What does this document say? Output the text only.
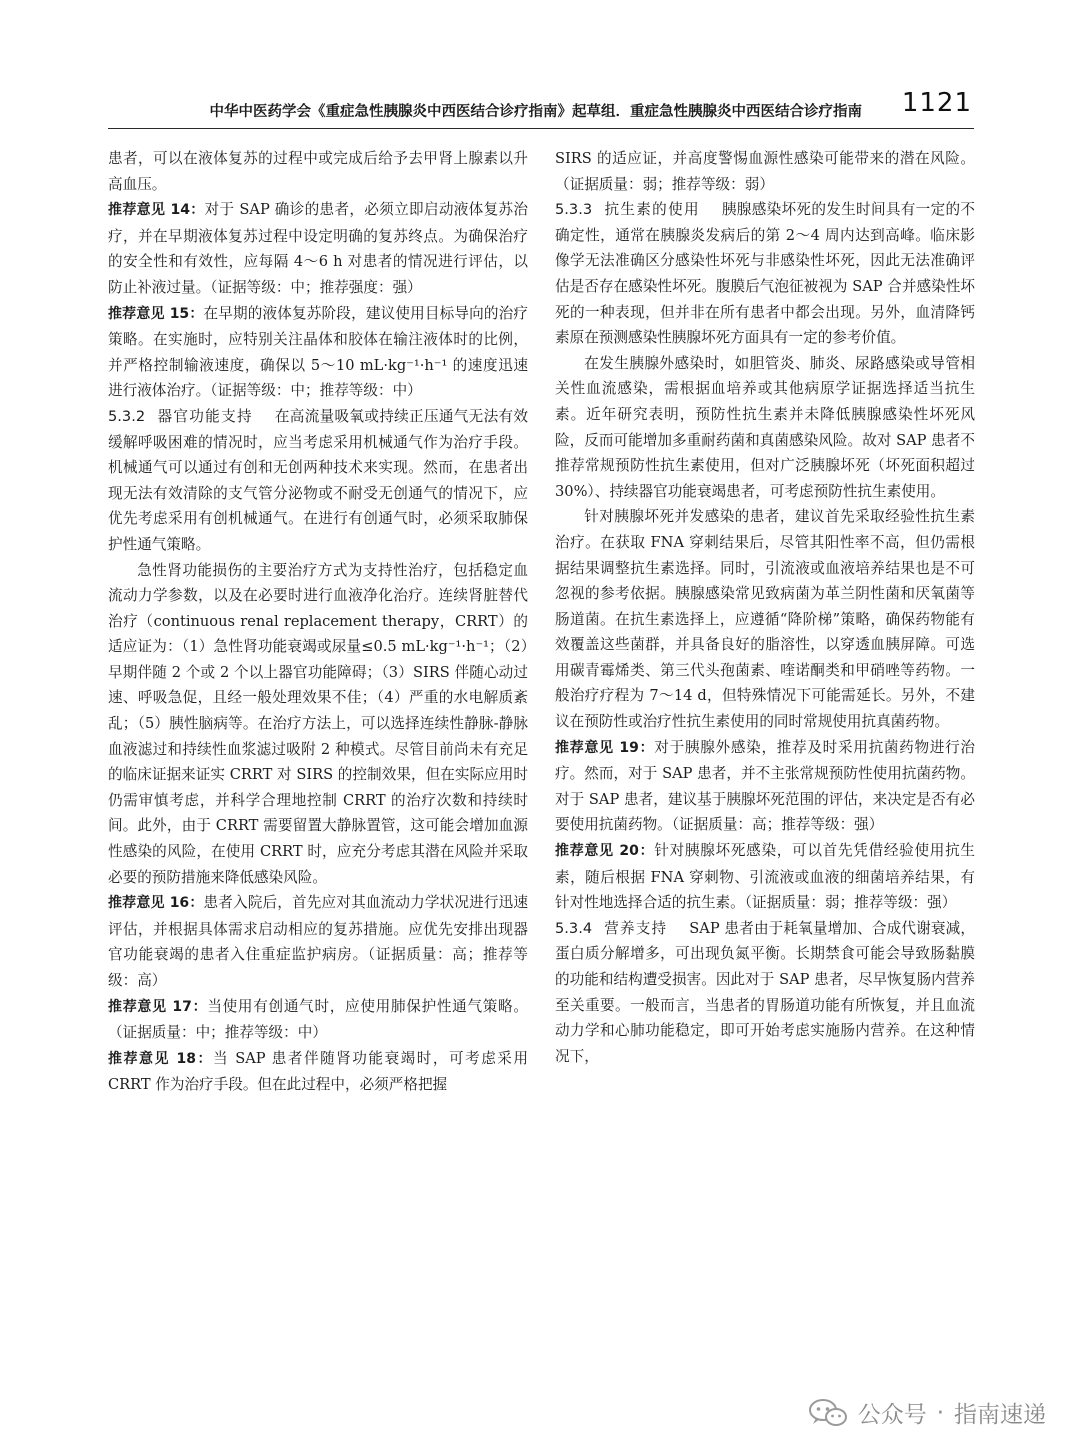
中华中医药学会《重症急性胰腺炎中西医结合诊疗指南》起草组．重症急性胰腺炎中西医结合诊疗指南 1121

患者，可以在液体复苏的过程中或完成后给予去甲肾上腺素以升高血压。

推荐意见 14：对于 SAP 确诊的患者，必须立即启动液体复苏治疗，并在早期液体复苏过程中设定明确的复苏终点。为确保治疗的安全性和有效性，应每隔 4～6 h 对患者的情况进行评估，以防止补液过量。（证据等级：中；推荐强度：强）

推荐意见 15：在早期的液体复苏阶段，建议使用目标导向的治疗策略。在实施时，应特别关注晶体和胶体在输注液体时的比例，并严格控制输液速度，确保以 5～10 mL·kg⁻¹·h⁻¹ 的速度迅速进行液体治疗。（证据等级：中；推荐等级：中）

5.3.2 器官功能支持 在高流量吸氧或持续正压通气无法有效缓解呼吸困难的情况时，应当考虑采用机械通气作为治疗手段。机械通气可以通过有创和无创两种技术来实现。然而，在患者出现无法有效清除的支气管分泌物或不耐受无创通气的情况下，应优先考虑采用有创机械通气。在进行有创通气时，必须采取肺保护性通气策略。

急性肾功能损伤的主要治疗方式为支持性治疗，包括稳定血流动力学参数，以及在必要时进行血液净化治疗。连续肾脏替代治疗（continuous renal replacement therapy，CRRT）的适应证为：（1）急性肾功能衰竭或尿量≤0.5 mL·kg⁻¹·h⁻¹；（2）早期伴随 2 个或 2 个以上器官功能障碍；（3）SIRS 伴随心动过速、呼吸急促，且经一般处理效果不佳；（4）严重的水电解质紊乱；（5）胰性脑病等。在治疗方法上，可以选择连续性静脉-静脉血液滤过和持续性血浆滤过吸附 2 种模式。尽管目前尚未有充足的临床证据来证实 CRRT 对 SIRS 的控制效果，但在实际应用时仍需审慎考虑，并科学合理地控制 CRRT 的治疗次数和持续时间。此外，由于 CRRT 需要留置大静脉置管，这可能会增加血源性感染的风险，在使用 CRRT 时，应充分考虑其潜在风险并采取必要的预防措施来降低感染风险。

推荐意见 16：患者入院后，首先应对其血流动力学状况进行迅速评估，并根据具体需求启动相应的复苏措施。应优先安排出现器官功能衰竭的患者入住重症监护病房。（证据质量：高；推荐等级：高）

推荐意见 17：当使用有创通气时，应使用肺保护性通气策略。（证据质量：中；推荐等级：中）

推荐意见 18：当 SAP 患者伴随肾功能衰竭时，可考虑采用 CRRT 作为治疗手段。但在此过程中，必须严格把握

SIRS 的适应证，并高度警惕血源性感染可能带来的潜在风险。（证据质量：弱；推荐等级：弱）

5.3.3 抗生素的使用 胰腺感染坏死的发生时间具有一定的不确定性，通常在胰腺炎发病后的第 2～4 周内达到高峰。临床影像学无法准确区分感染性坏死与非感染性坏死，因此无法准确评估是否存在感染性坏死。腹膜后气泡征被视为 SAP 合并感染性坏死的一种表现，但并非在所有患者中都会出现。另外，血清降钙素原在预测感染性胰腺坏死方面具有一定的参考价值。

在发生胰腺外感染时，如胆管炎、肺炎、尿路感染或导管相关性血流感染，需根据血培养或其他病原学证据选择适当抗生素。近年研究表明，预防性抗生素并未降低胰腺感染性坏死风险，反而可能增加多重耐药菌和真菌感染风险。故对 SAP 患者不推荐常规预防性抗生素使用，但对广泛胰腺坏死（坏死面积超过 30%）、持续器官功能衰竭患者，可考虑预防性抗生素使用。

针对胰腺坏死并发感染的患者，建议首先采取经验性抗生素治疗。在获取 FNA 穿刺结果后，尽管其阳性率不高，但仍需根据结果调整抗生素选择。同时，引流液或血液培养结果也是不可忽视的参考依据。胰腺感染常见致病菌为革兰阴性菌和厌氧菌等肠道菌。在抗生素选择上，应遵循“降阶梯”策略，确保药物能有效覆盖这些菌群，并具备良好的脂溶性，以穿透血胰屏障。可选用碳青霉烯类、第三代头孢菌素、喹诺酮类和甲硝唑等药物。一般治疗疗程为 7～14 d，但特殊情况下可能需延长。另外，不建议在预防性或治疗性抗生素使用的同时常规使用抗真菌药物。

推荐意见 19：对于胰腺外感染，推荐及时采用抗菌药物进行治疗。然而，对于 SAP 患者，并不主张常规预防性使用抗菌药物。对于 SAP 患者，建议基于胰腺坏死范围的评估，来决定是否有必要使用抗菌药物。（证据质量：高；推荐等级：强）

推荐意见 20：针对胰腺坏死感染，可以首先凭借经验使用抗生素，随后根据 FNA 穿刺物、引流液或血液的细菌培养结果，有针对性地选择合适的抗生素。（证据质量：弱；推荐等级：强）

5.3.4 营养支持 SAP 患者由于耗氧量增加、合成代谢衰减，蛋白质分解增多，可出现负氮平衡。长期禁食可能会导致肠黏膜的功能和结构遭受损害。因此对于 SAP 患者，尽早恢复肠内营养至关重要。一般而言，当患者的胃肠道功能有所恢复，并且血流动力学和心肺功能稳定，即可开始考虑实施肠内营养。在这种情况下，

公众号 · 指南速递
